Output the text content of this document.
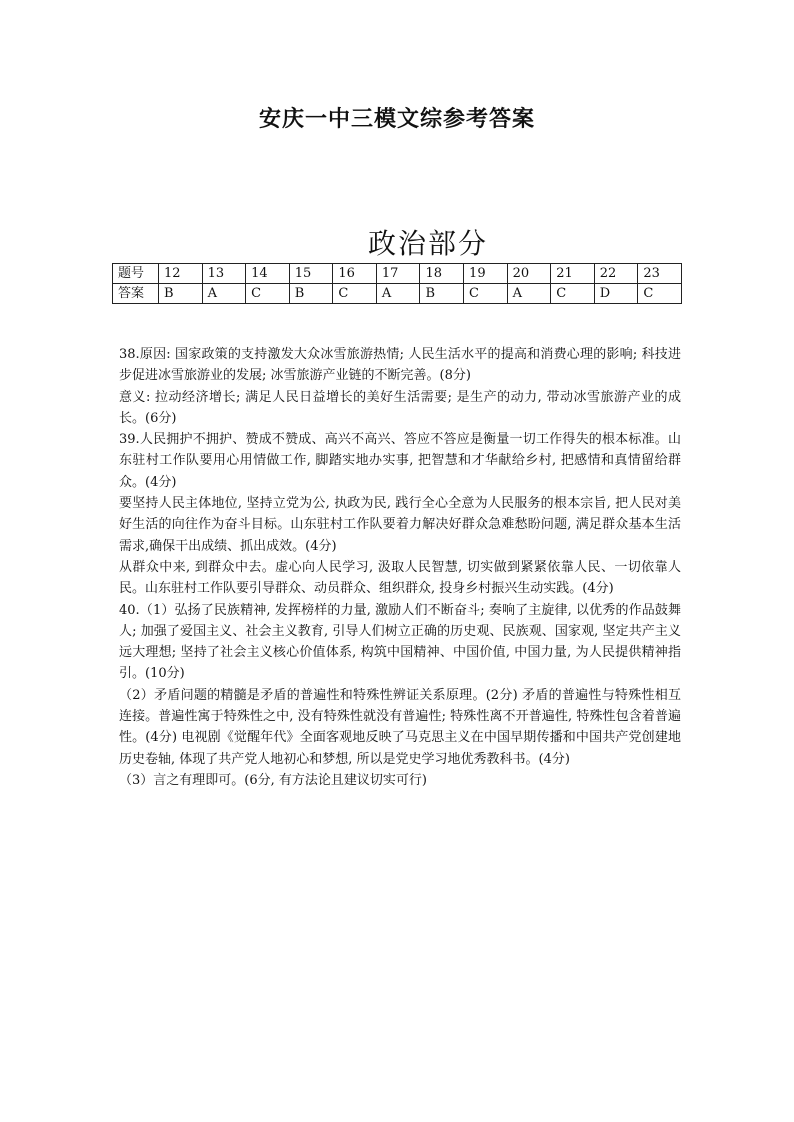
安庆一中三模文综参考答案
政治部分
题号	12	13	14	15	16	17	18	19	20	21	22	23
答案	B	A	C	B	C	A	B	C	A	C	D	C

38.原因: 国家政策的支持激发大众冰雪旅游热情; 人民生活水平的提高和消费心理的影响; 科技进步促进冰雪旅游业的发展; 冰雪旅游产业链的不断完善。(8分)

意义: 拉动经济增长; 满足人民日益增长的美好生活需要; 是生产的动力, 带动冰雪旅游产业的成长。(6分)

39.人民拥护不拥护、赞成不赞成、高兴不高兴、答应不答应是衡量一切工作得失的根本标准。山东驻村工作队要用心用情做工作, 脚踏实地办实事, 把智慧和才华献给乡村, 把感情和真情留给群众。(4分)

要坚持人民主体地位, 坚持立党为公, 执政为民, 践行全心全意为人民服务的根本宗旨, 把人民对美好生活的向往作为奋斗目标。山东驻村工作队要着力解决好群众急难愁盼问题, 满足群众基本生活需求,确保干出成绩、抓出成效。(4分)

从群众中来, 到群众中去。虚心向人民学习, 汲取人民智慧, 切实做到紧紧依靠人民、一切依靠人民。山东驻村工作队要引导群众、动员群众、组织群众, 投身乡村振兴生动实践。(4分)

40.（1）弘扬了民族精神, 发挥榜样的力量, 激励人们不断奋斗; 奏响了主旋律, 以优秀的作品鼓舞人; 加强了爱国主义、社会主义教育, 引导人们树立正确的历史观、民族观、国家观, 坚定共产主义远大理想; 坚持了社会主义核心价值体系, 构筑中国精神、中国价值, 中国力量, 为人民提供精神指引。(10分)

（2）矛盾问题的精髓是矛盾的普遍性和特殊性辨证关系原理。(2分) 矛盾的普遍性与特殊性相互连接。普遍性寓于特殊性之中, 没有特殊性就没有普遍性; 特殊性离不开普遍性, 特殊性包含着普遍性。(4分) 电视剧《觉醒年代》全面客观地反映了马克思主义在中国早期传播和中国共产党创建地历史卷轴, 体现了共产党人地初心和梦想, 所以是党史学习地优秀教科书。(4分)

（3）言之有理即可。(6分, 有方法论且建议切实可行)
